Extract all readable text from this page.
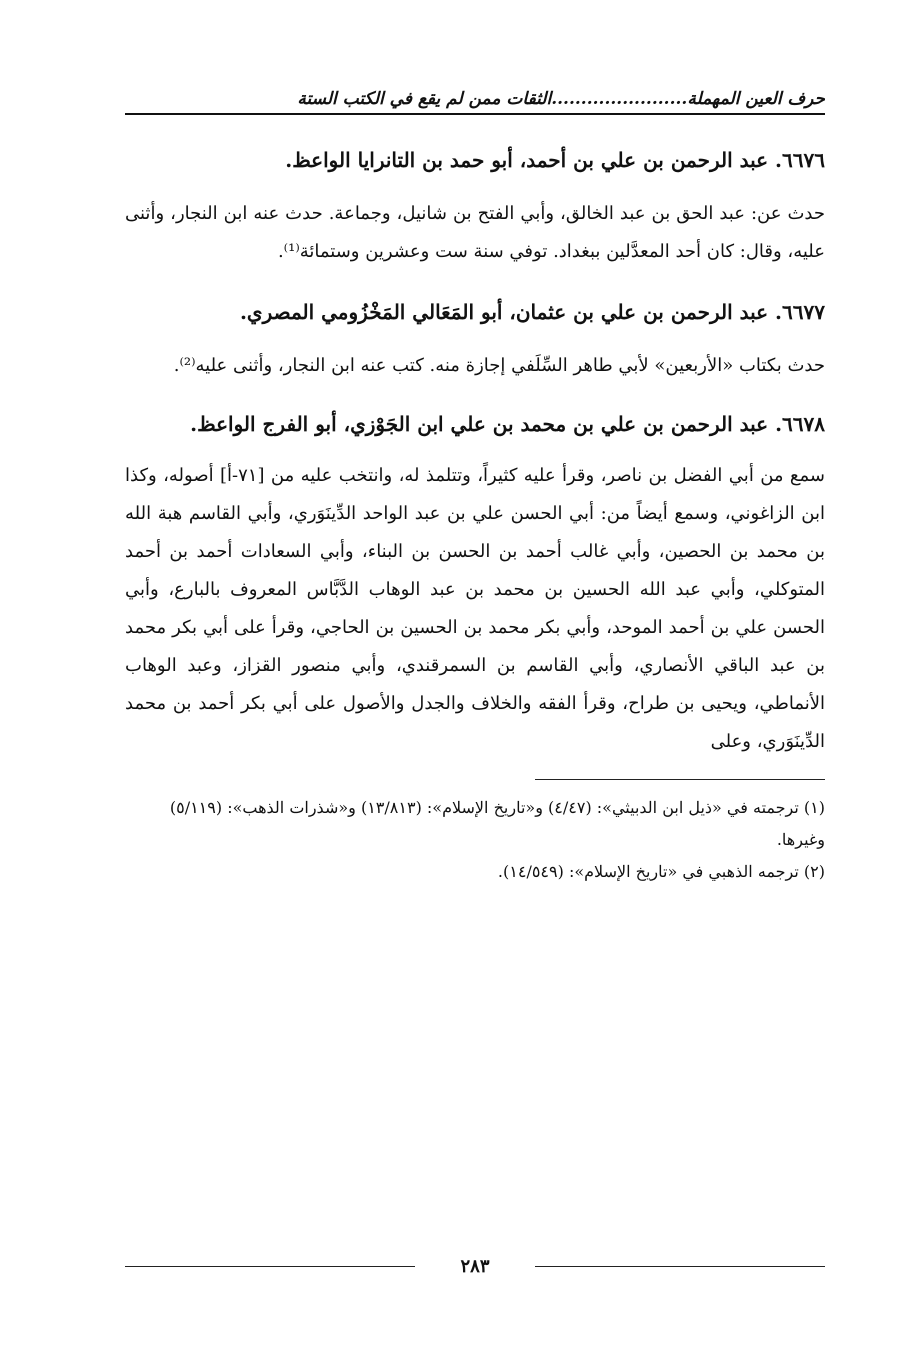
حرف العين المهملة.......................الثقات ممن لم يقع في الكتب الستة
٦٦٧٦. عبد الرحمن بن علي بن أحمد، أبو حمد بن التانرايا الواعظ.

حدث عن: عبد الحق بن عبد الخالق، وأبي الفتح بن شانيل، وجماعة. حدث عنه ابن النجار، وأثنى عليه، وقال: كان أحد المعدَّلين ببغداد. توفي سنة ست وعشرين وستمائة⁽¹⁾.

٦٦٧٧. عبد الرحمن بن علي بن عثمان، أبو المَعَالي المَخْزُومي المصري.

حدث بكتاب «الأربعين» لأبي طاهر السِّلَفي إجازة منه. كتب عنه ابن النجار، وأثنى عليه⁽²⁾.

٦٦٧٨. عبد الرحمن بن علي بن محمد بن علي ابن الجَوْزي، أبو الفرج الواعظ.

سمع من أبي الفضل بن ناصر، وقرأ عليه كثيراً، وتتلمذ له، وانتخب عليه من [٧١-أ] أصوله، وكذا ابن الزاغوني، وسمع أيضاً من: أبي الحسن علي بن عبد الواحد الدِّينَوَري، وأبي القاسم هبة الله بن محمد بن الحصين، وأبي غالب أحمد بن الحسن بن البناء، وأبي السعادات أحمد بن أحمد المتوكلي، وأبي عبد الله الحسين بن محمد بن عبد الوهاب الدَّبَّاس المعروف بالبارع، وأبي الحسن علي بن أحمد الموحد، وأبي بكر محمد بن الحسين بن الحاجي، وقرأ على أبي بكر محمد بن عبد الباقي الأنصاري، وأبي القاسم بن السمرقندي، وأبي منصور القزاز، وعبد الوهاب الأنماطي، ويحيى بن طراح، وقرأ الفقه والخلاف والجدل والأصول على أبي بكر أحمد بن محمد الدِّينَوَري، وعلى

(١) ترجمته في «ذيل ابن الدبيثي»: (٤/٤٧) و«تاريخ الإسلام»: (١٣/٨١٣) و«شذرات الذهب»: (٥/١١٩) وغيرها.

(٢) ترجمه الذهبي في «تاريخ الإسلام»: (١٤/٥٤٩).

٢٨٣
